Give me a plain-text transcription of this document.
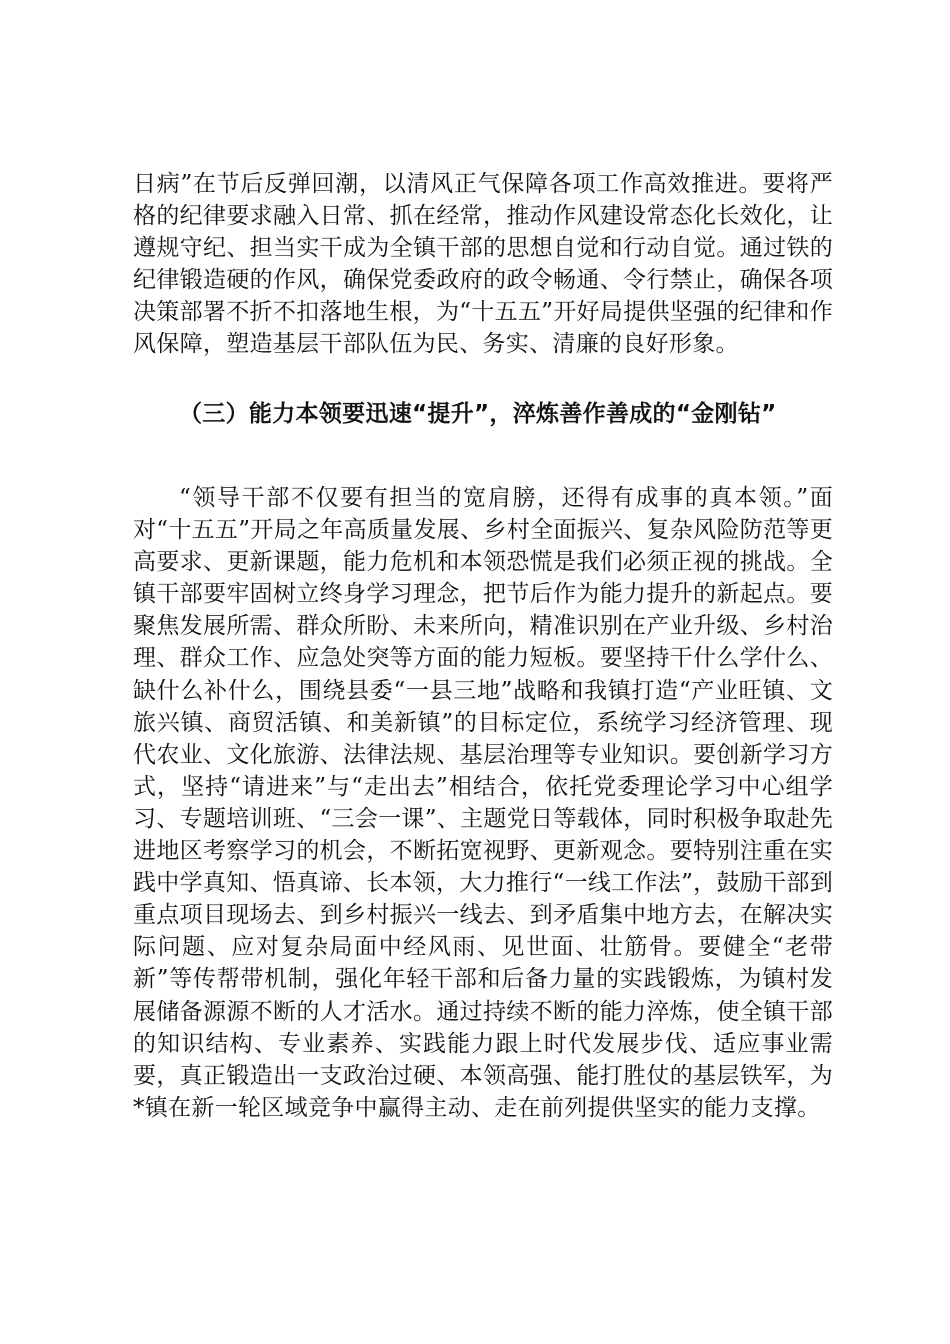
日病”在节后反弹回潮，以清风正气保障各项工作高效推进。要将严格的纪律要求融入日常、抓在经常，推动作风建设常态化长效化，让遵规守纪、担当实干成为全镇干部的思想自觉和行动自觉。通过铁的纪律锻造硬的作风，确保党委政府的政令畅通、令行禁止，确保各项决策部署不折不扣落地生根，为“十五五”开好局提供坚强的纪律和作风保障，塑造基层干部队伍为民、务实、清廉的良好形象。

（三）能力本领要迅速“提升”，淬炼善作善成的“金刚钻”

“领导干部不仅要有担当的宽肩膀，还得有成事的真本领。”面对“十五五”开局之年高质量发展、乡村全面振兴、复杂风险防范等更高要求、更新课题，能力危机和本领恐慌是我们必须正视的挑战。全镇干部要牢固树立终身学习理念，把节后作为能力提升的新起点。要聚焦发展所需、群众所盼、未来所向，精准识别在产业升级、乡村治理、群众工作、应急处突等方面的能力短板。要坚持干什么学什么、缺什么补什么，围绕县委“一县三地”战略和我镇打造“产业旺镇、文旅兴镇、商贸活镇、和美新镇”的目标定位，系统学习经济管理、现代农业、文化旅游、法律法规、基层治理等专业知识。要创新学习方式，坚持“请进来”与“走出去”相结合，依托党委理论学习中心组学习、专题培训班、“三会一课”、主题党日等载体，同时积极争取赴先进地区考察学习的机会，不断拓宽视野、更新观念。要特别注重在实践中学真知、悟真谛、长本领，大力推行“一线工作法”，鼓励干部到重点项目现场去、到乡村振兴一线去、到矛盾集中地方去，在解决实际问题、应对复杂局面中经风雨、见世面、壮筋骨。要健全“老带新”等传帮带机制，强化年轻干部和后备力量的实践锻炼，为镇村发展储备源源不断的人才活水。通过持续不断的能力淬炼，使全镇干部的知识结构、专业素养、实践能力跟上时代发展步伐、适应事业需要，真正锻造出一支政治过硬、本领高强、能打胜仗的基层铁军，为*镇在新一轮区域竞争中赢得主动、走在前列提供坚实的能力支撑。
